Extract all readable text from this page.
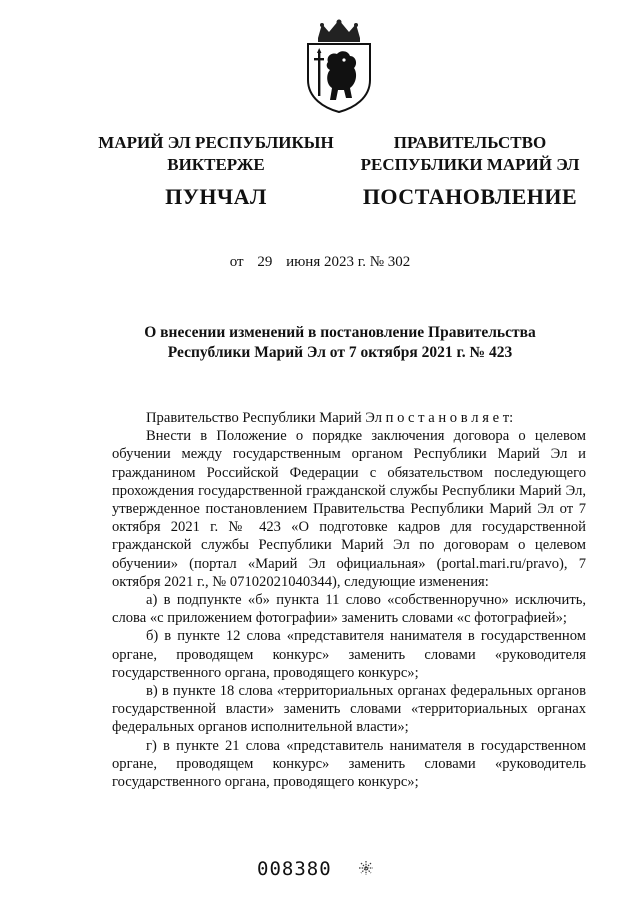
МАРИЙ ЭЛ РЕСПУБЛИКЫН
ВИКТЕРЖЕ
ПУНЧАЛ
ПРАВИТЕЛЬСТВО
РЕСПУБЛИКИ МАРИЙ ЭЛ
ПОСТАНОВЛЕНИЕ
от 29 июня 2023 г. № 302
О внесении изменений в постановление Правительства
Республики Марий Эл от 7 октября 2021 г. № 423

Правительство Республики Марий Эл п о с т а н о в л я е т:

Внести в Положение о порядке заключения договора о целевом обучении между государственным органом Республики Марий Эл и гражданином Российской Федерации с обязательством последующего прохождения государственной гражданской службы Республики Марий Эл, утвержденное постановлением Правительства Республики Марий Эл от 7 октября 2021 г. № 423 «О подготовке кадров для государственной гражданской службы Республики Марий Эл по договорам о целевом обучении» (портал «Марий Эл официальная» (portal.mari.ru/pravo), 7 октября 2021 г., № 07102021040344), следующие изменения:

а) в подпункте «б» пункта 11 слово «собственноручно» исключить, слова «с приложением фотографии» заменить словами «с фотографией»;

б) в пункте 12 слова «представителя нанимателя в государственном органе, проводящем конкурс» заменить словами «руководителя государственного органа, проводящего конкурс»;

в) в пункте 18 слова «территориальных органах федеральных органов государственной власти» заменить словами «территориальных органах федеральных органов исполнительной власти»;

г) в пункте 21 слова «представитель нанимателя в государственном органе, проводящем конкурс» заменить словами «руководитель государственного органа, проводящего конкурс»;

008380
